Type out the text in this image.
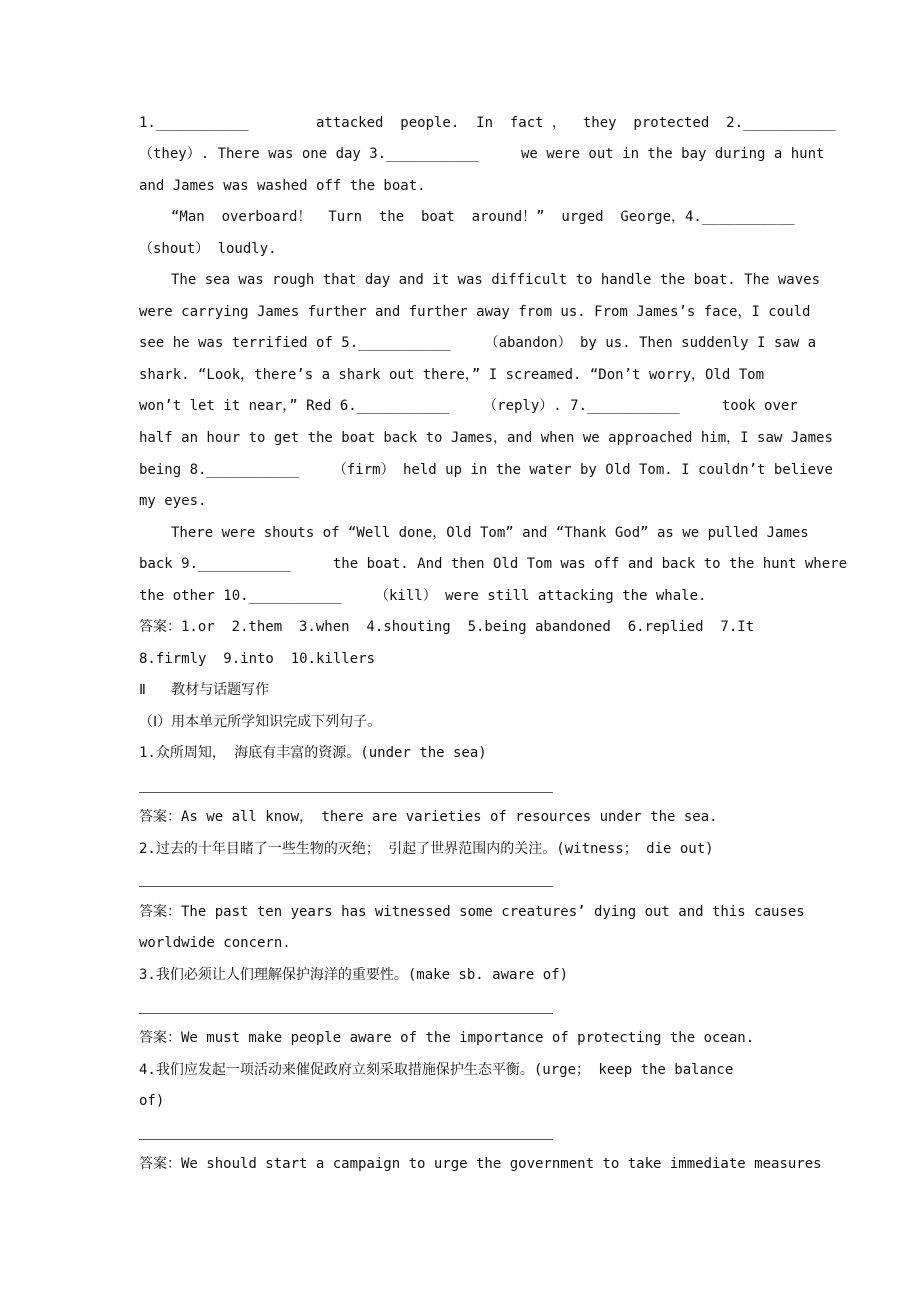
1.___________        attacked  people.  In  fact ，  they  protected  2.___________
（they）. There was one day 3.___________     we were out in the bay during a hunt
and James was washed off the boat.
“Man  overboard！  Turn  the  boat  around！”  urged  George，4.___________
（shout） loudly.
The sea was rough that day and it was difficult to handle the boat. The waves
were carrying James further and further away from us. From James’s face，I could
see he was terrified of 5.___________    （abandon） by us. Then suddenly I saw a
shark. “Look，there’s a shark out there，” I screamed. “Don’t worry，Old Tom
won’t let it near，” Red 6.___________    （reply）. 7.___________     took over
half an hour to get the boat back to James，and when we approached him，I saw James
being 8.___________    （firm） held up in the water by Old Tom. I couldn’t believe
my eyes.
There were shouts of “Well done，Old Tom” and “Thank God” as we pulled James
back 9.___________     the boat. And then Old Tom was off and back to the hunt where
the other 10.___________    （kill） were still attacking the whale.
答案：1.or  2.them  3.when  4.shouting  5.being abandoned  6.replied  7.It
8.firmly  9.into  10.killers
Ⅱ   教材与话题写作
（Ⅰ）用本单元所学知识完成下列句子。
1.众所周知， 海底有丰富的资源。(under the sea)
答案：As we all know， there are varieties of resources under the sea.
2.过去的十年目睹了一些生物的灭绝； 引起了世界范围内的关注。(witness； die out)
答案：The past ten years has witnessed some creatures’ dying out and this causes
worldwide concern.
3.我们必须让人们理解保护海洋的重要性。(make sb. aware of)
答案：We must make people aware of the importance of protecting the ocean.
4.我们应发起一项活动来催促政府立刻采取措施保护生态平衡。(urge； keep the balance
of)
答案：We should start a campaign to urge the government to take immediate measures
